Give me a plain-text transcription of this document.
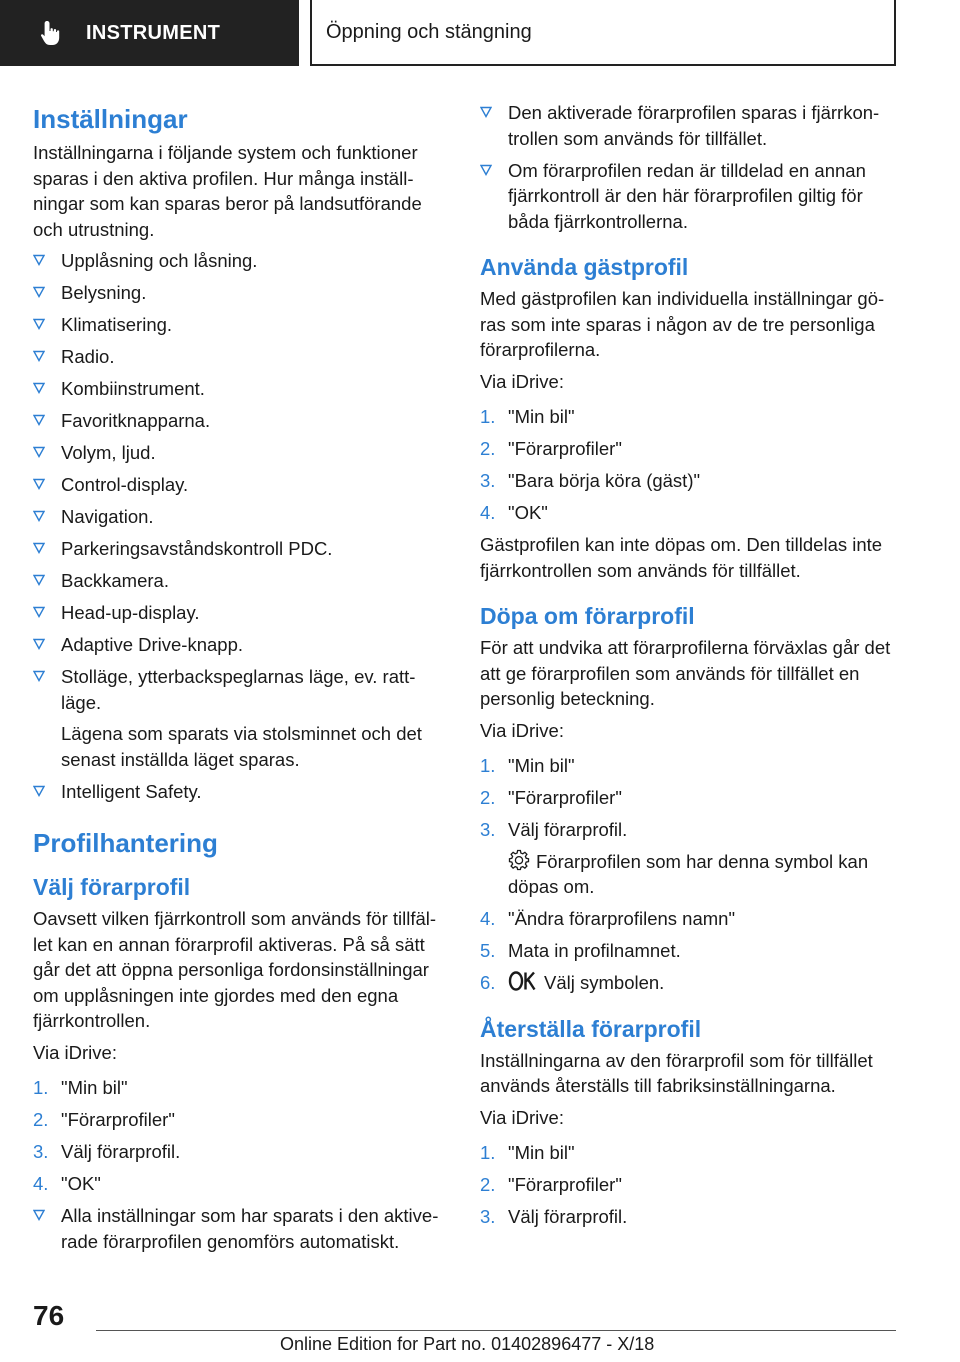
INSTRUMENT	Öppning och stängning
Inställningar

Inställningarna i följande system och funktioner sparas i den aktiva profilen. Hur många inställningar som kan sparas beror på landsutförande och utrustning.

Upplåsning och låsning.
Belysning.
Klimatisering.
Radio.
Kombiinstrument.
Favoritknapparna.
Volym, ljud.
Control-display.
Navigation.
Parkeringsavståndskontroll PDC.
Backkamera.
Head-up-display.
Adaptive Drive-knapp.
Stolläge, ytterbackspeglarnas läge, ev. rattläge.
Lägena som sparats via stolsminnet och det senast inställda läget sparas.
Intelligent Safety.
Profilhantering
Välj förarprofil

Oavsett vilken fjärrkontroll som används för tillfället kan en annan förarprofil aktiveras. På så sätt går det att öppna personliga fordonsinställningar om upplåsningen inte gjordes med den egna fjärrkontrollen.

Via iDrive:

1. "Min bil"
2. "Förarprofiler"
3. Välj förarprofil.
4. "OK"
Alla inställningar som har sparats i den aktiverade förarprofilen genomförs automatiskt.
Den aktiverade förarprofilen sparas i fjärrkontrollen som används för tillfället.
Om förarprofilen redan är tilldelad en annan fjärrkontroll är den här förarprofilen giltig för båda fjärrkontrollerna.
Använda gästprofil

Med gästprofilen kan individuella inställningar göras som inte sparas i någon av de tre personliga förarprofilerna.

Via iDrive:

1. "Min bil"
2. "Förarprofiler"
3. "Bara börja köra (gäst)"
4. "OK"

Gästprofilen kan inte döpas om. Den tilldelas inte fjärrkontrollen som används för tillfället.

Döpa om förarprofil

För att undvika att förarprofilerna förväxlas går det att ge förarprofilen som används för tillfället en personlig beteckning.

Via iDrive:

1. "Min bil"
2. "Förarprofiler"
3. Välj förarprofil.
Förarprofilen som har denna symbol kan döpas om.
4. "Ändra förarprofilens namn"
5. Mata in profilnamnet.
6.	Välj symbolen.
Återställa förarprofil

Inställningarna av den förarprofil som för tillfället används återställs till fabriksinställningarna.

Via iDrive:

1. "Min bil"
2. "Förarprofiler"
3. Välj förarprofil.
76
Online Edition for Part no. 01402896477 - X/18
